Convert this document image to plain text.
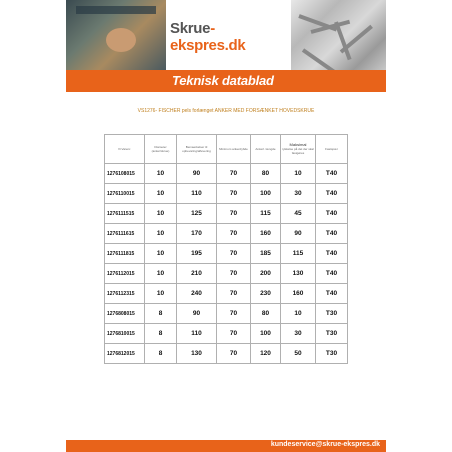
Skrue-ekspres.dk
Teknisk datablad
VS1276- FISCHER pels forlænget ANKER MED FORSÆNKET HOVEDSKRUE
Vr.Varenr.	Diameter (anker/skrue)	Bemaerkelser til opbevaring/aflevering	Minimum ankerdybde	Ankerl. længde	Maksimal
tykkelse på det der skal fastgøres	Fastspær
1276108015	10	90	70	80	10	T40
1276110015	10	110	70	100	30	T40
1276111515	10	125	70	115	45	T40
1276111615	10	170	70	160	90	T40
1276111815	10	195	70	185	115	T40
1276112015	10	210	70	200	130	T40
1276112315	10	240	70	230	160	T40
1276808015	8	90	70	80	10	T30
1276810015	8	110	70	100	30	T30
1276812015	8	130	70	120	50	T30
kundeservice@skrue-ekspres.dk
